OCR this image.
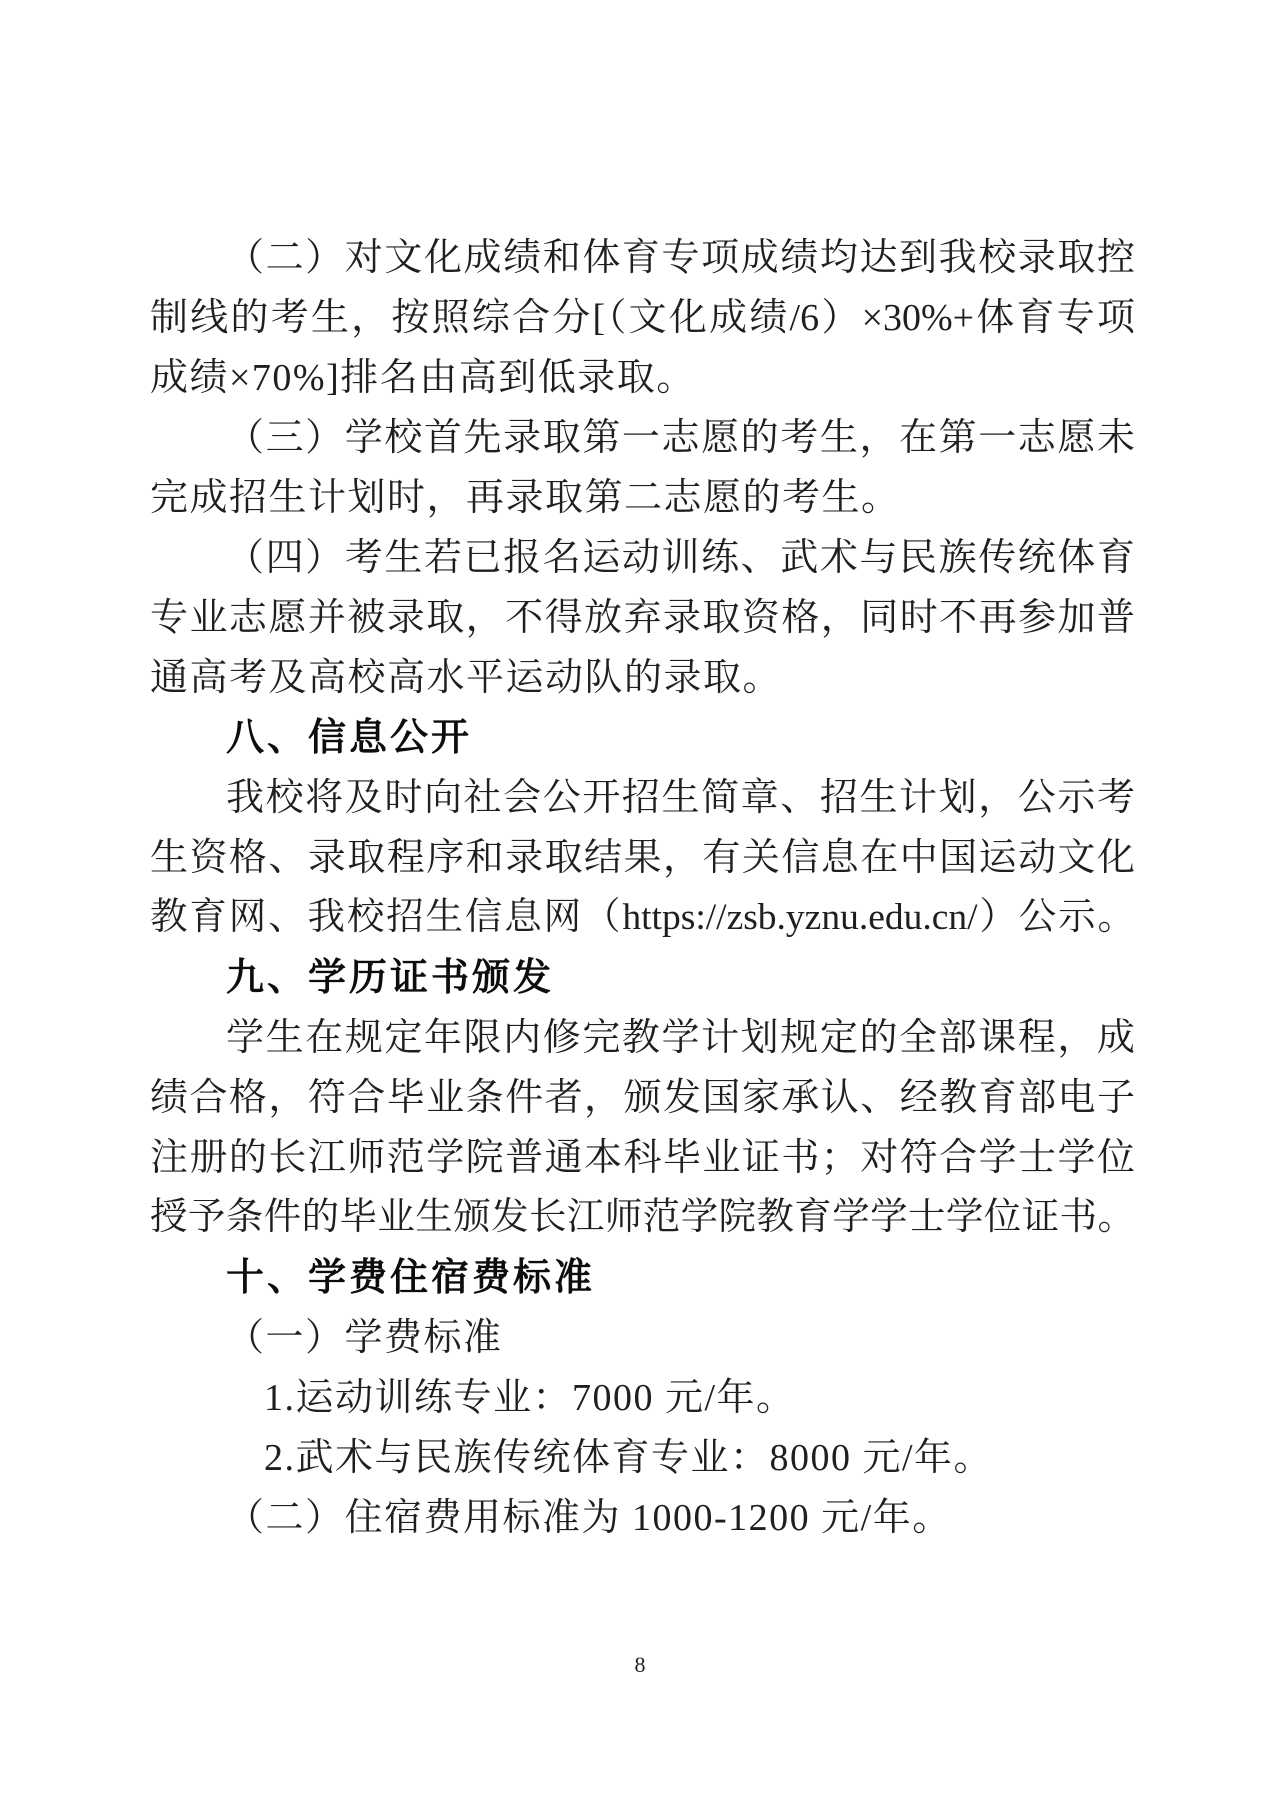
（二）对文化成绩和体育专项成绩均达到我校录取控

制线的考生，按照综合分[（文化成绩/6）×30%+体育专项

成绩×70%]排名由高到低录取。

（三）学校首先录取第一志愿的考生，在第一志愿未

完成招生计划时，再录取第二志愿的考生。

（四）考生若已报名运动训练、武术与民族传统体育

专业志愿并被录取，不得放弃录取资格，同时不再参加普

通高考及高校高水平运动队的录取。

八、信息公开

我校将及时向社会公开招生简章、招生计划，公示考

生资格、录取程序和录取结果，有关信息在中国运动文化

教育网、我校招生信息网（https://zsb.yznu.edu.cn/）公示。

九、学历证书颁发

学生在规定年限内修完教学计划规定的全部课程，成

绩合格，符合毕业条件者，颁发国家承认、经教育部电子

注册的长江师范学院普通本科毕业证书；对符合学士学位

授予条件的毕业生颁发长江师范学院教育学学士学位证书。

十、学费住宿费标准

（一）学费标准

1.运动训练专业：7000 元/年。

2.武术与民族传统体育专业：8000 元/年。

（二）住宿费用标准为 1000-1200 元/年。

8
